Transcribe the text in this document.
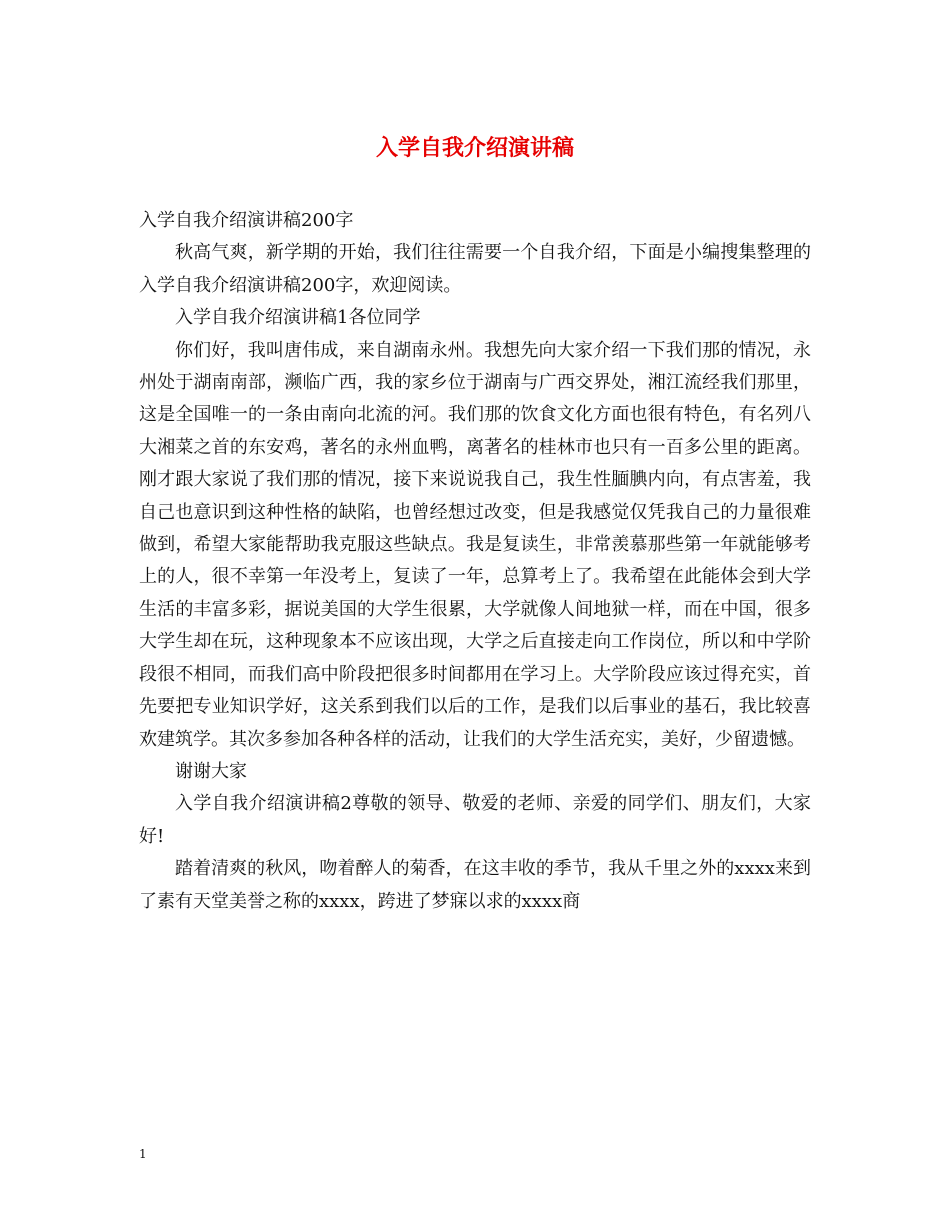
入学自我介绍演讲稿

入学自我介绍演讲稿200字

秋高气爽，新学期的开始，我们往往需要一个自我介绍，下面是小编搜集整理的入学自我介绍演讲稿200字，欢迎阅读。

入学自我介绍演讲稿1各位同学

你们好，我叫唐伟成，来自湖南永州。我想先向大家介绍一下我们那的情况，永州处于湖南南部，濒临广西，我的家乡位于湖南与广西交界处，湘江流经我们那里，这是全国唯一的一条由南向北流的河。我们那的饮食文化方面也很有特色，有名列八大湘菜之首的东安鸡，著名的永州血鸭，离著名的桂林市也只有一百多公里的距离。刚才跟大家说了我们那的情况，接下来说说我自己，我生性腼腆内向，有点害羞，我自己也意识到这种性格的缺陷，也曾经想过改变，但是我感觉仅凭我自己的力量很难做到，希望大家能帮助我克服这些缺点。我是复读生，非常羡慕那些第一年就能够考上的人，很不幸第一年没考上，复读了一年，总算考上了。我希望在此能体会到大学生活的丰富多彩，据说美国的大学生很累，大学就像人间地狱一样，而在中国，很多大学生却在玩，这种现象本不应该出现，大学之后直接走向工作岗位，所以和中学阶段很不相同，而我们高中阶段把很多时间都用在学习上。大学阶段应该过得充实，首先要把专业知识学好，这关系到我们以后的工作，是我们以后事业的基石，我比较喜欢建筑学。其次多参加各种各样的活动，让我们的大学生活充实，美好，少留遗憾。

谢谢大家

入学自我介绍演讲稿2尊敬的领导、敬爱的老师、亲爱的同学们、朋友们，大家好!

踏着清爽的秋风，吻着醉人的菊香，在这丰收的季节，我从千里之外的xxxx来到了素有天堂美誉之称的xxxx，跨进了梦寐以求的xxxx商

1
